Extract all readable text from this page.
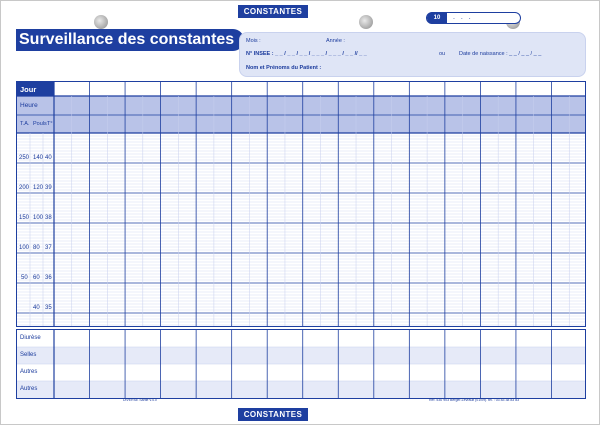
CONSTANTES
10	. . .
Surveillance des constantes Mois :	Année :
N° INSEE : _ _ / _ _ / _ _ / _ _ _ / _ _ _ / _ _ // _ _	ou	Date de naissance : _ _ / _ _ / _ _
Nom et Prénoms du Patient :
Jour
Heure
T.A. Pouls T°
250 140 40
200 120 39
150 100 38
100 80 37
50 60 36
40 35
Diurèse
Selles
Autres
Autres
DIVERSE Santé v.4.0	Réf. 530 903 Berger-Levrault (01/09). tél. : 03 83 38 83 83
CONSTANTES
